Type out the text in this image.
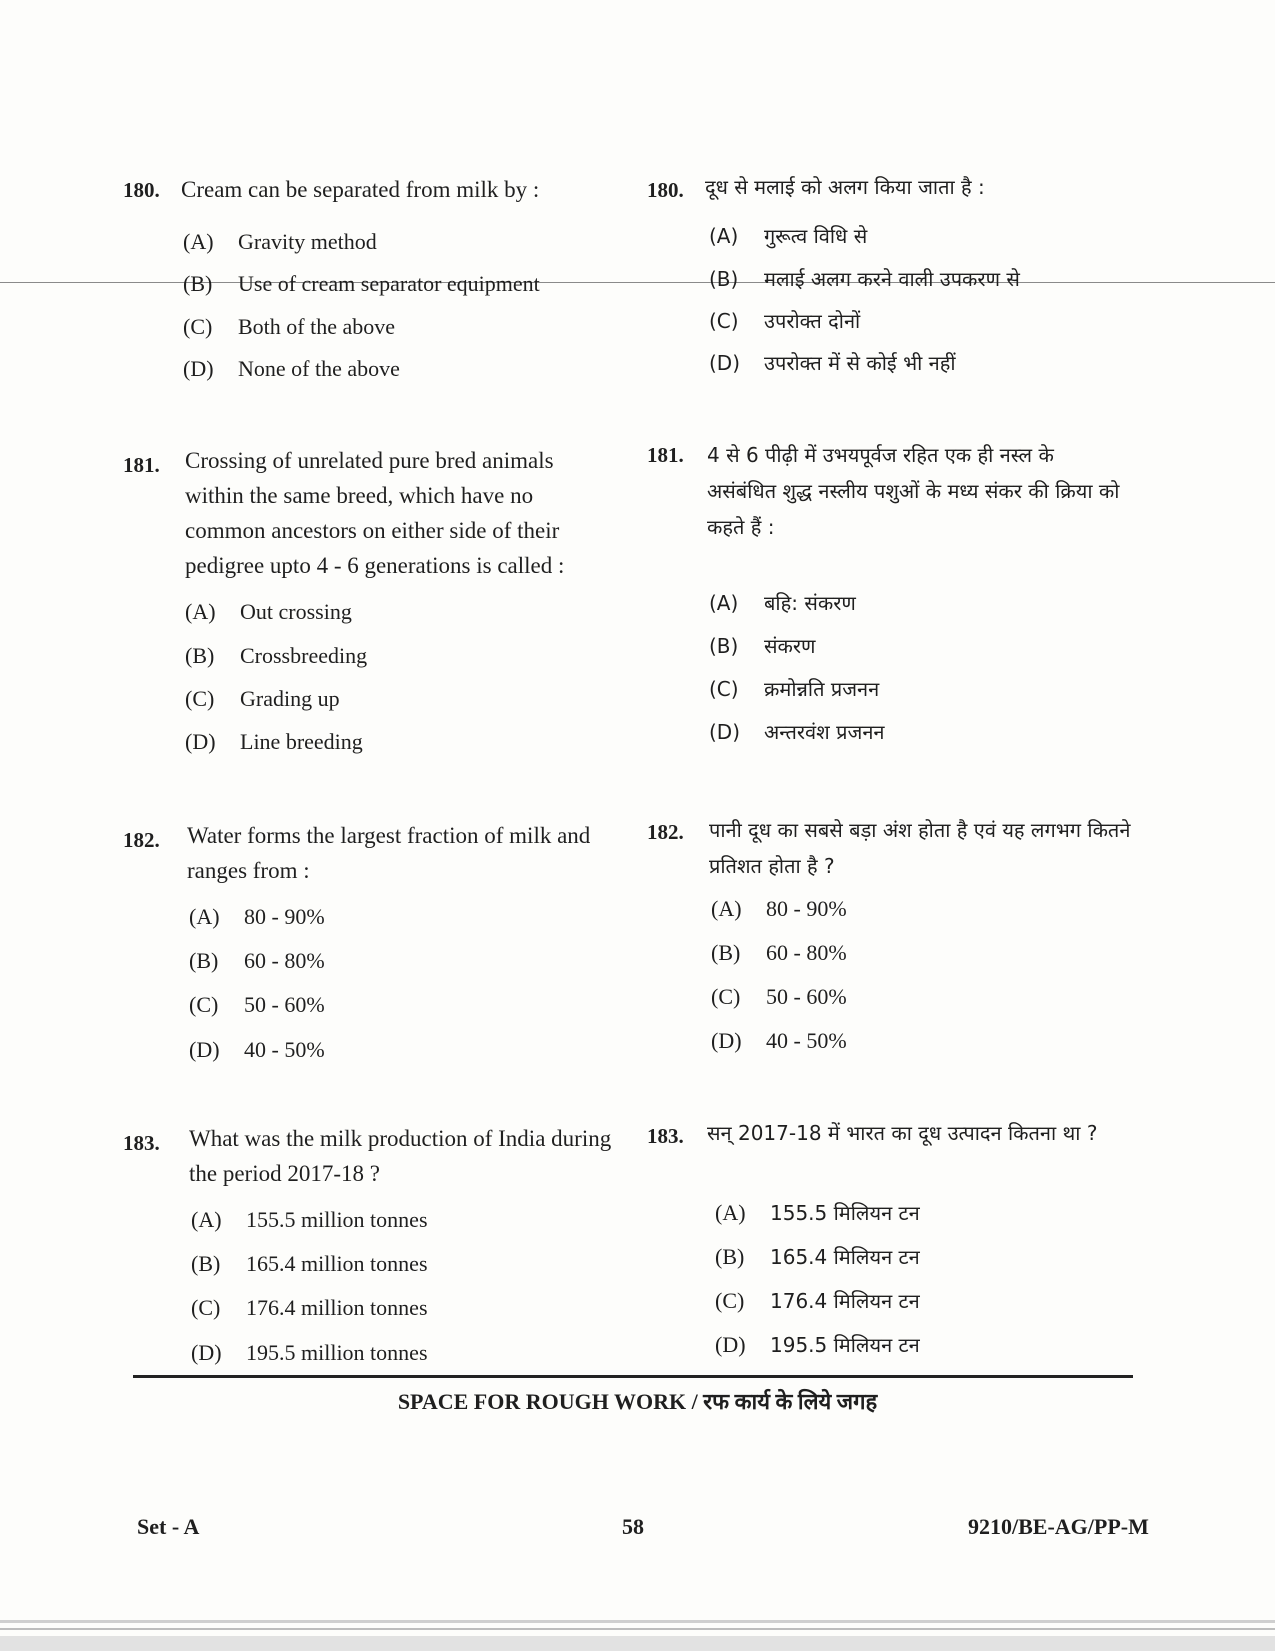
180. Cream can be separated from milk by :
(A) Gravity method
(B) Use of cream separator equipment
(C) Both of the above
(D) None of the above
181. Crossing of unrelated pure bred animals within the same breed, which have no common ancestors on either side of their pedigree upto 4 - 6 generations is called :
(A) Out crossing
(B) Crossbreeding
(C) Grading up
(D) Line breeding
182. Water forms the largest fraction of milk and ranges from :
(A) 80 - 90%
(B) 60 - 80%
(C) 50 - 60%
(D) 40 - 50%
183. What was the milk production of India during the period 2017-18 ?
(A) 155.5 million tonnes
(B) 165.4 million tonnes
(C) 176.4 million tonnes
(D) 195.5 million tonnes
180. दूध से मलाई को अलग किया जाता है :
(A) गुरूत्व विधि से
(B) मलाई अलग करने वाली उपकरण से
(C) उपरोक्त दोनों
(D) उपरोक्त में से कोई भी नहीं
181. 4 से 6 पीढ़ी में उभयपूर्वज रहित एक ही नस्ल के असंबंधित शुद्ध नस्लीय पशुओं के मध्य संकर की क्रिया को कहते हैं :
(A) बहि: संकरण
(B) संकरण
(C) क्रमोन्नति प्रजनन
(D) अन्तरवंश प्रजनन
182. पानी दूध का सबसे बड़ा अंश होता है एवं यह लगभग कितने प्रतिशत होता है ?
(A) 80 - 90%
(B) 60 - 80%
(C) 50 - 60%
(D) 40 - 50%
183. सन् 2017-18 में भारत का दूध उत्पादन कितना था ?
(A) 155.5 मिलियन टन
(B) 165.4 मिलियन टन
(C) 176.4 मिलियन टन
(D) 195.5 मिलियन टन
SPACE FOR ROUGH WORK / रफ कार्य के लिये जगह
Set - A	58	9210/BE-AG/PP-M
